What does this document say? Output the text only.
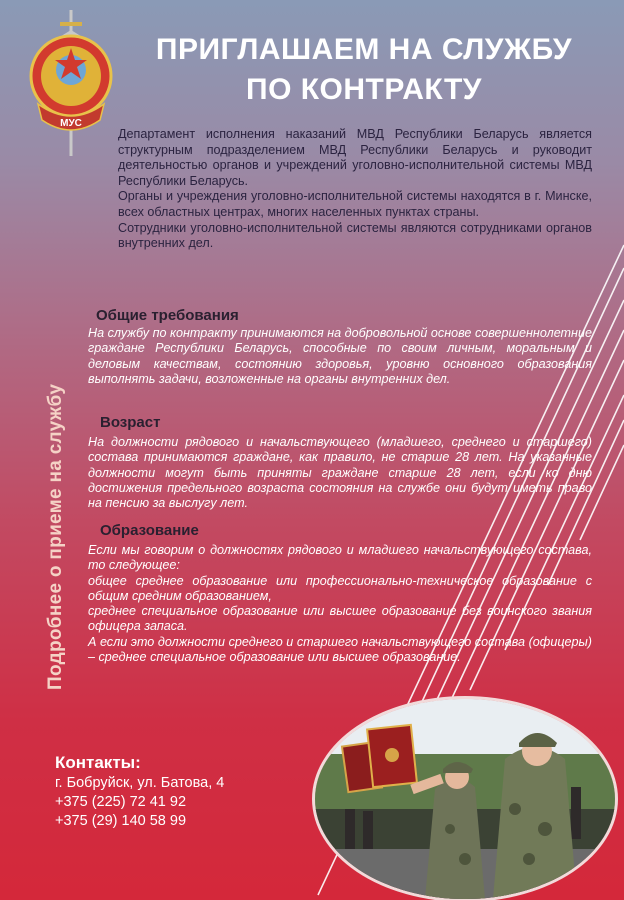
МУС
ПРИГЛАШАЕМ НА СЛУЖБУ
ПО КОНТРАКТУ

Департамент исполнения наказаний МВД Республики Беларусь является структурным подразделением МВД Республики Беларусь и руководит деятельностью органов и учреждений уголовно-исполнительной системы МВД Республики Беларусь.

Органы и учреждения уголовно-исполнительной системы находятся в г. Минске, всех областных центрах, многих населенных пунктах страны.

Сотрудники уголовно-исполнительной системы являются сотрудниками органов внутренних дел.

Подробнее о приеме на службу
Общие требования

На службу по контракту принимаются на добровольной основе совершеннолетние граждане Республики Беларусь, способные по своим личным, моральным и деловым качествам, состоянию здоровья, уровню основного образования выполнять задачи, возложенные на органы внутренних дел.

Возраст

На должности рядового и начальствующего (младшего, среднего и старшего) состава принимаются граждане, как правило, не старше 28 лет. На указанные должности могут быть приняты граждане старше 28 лет, если ко дню достижения предельного возраста состояния на службе они будут иметь право на пенсию за выслугу лет.

Образование
Если мы говорим о должностях рядового и младшего начальствующего состава, то следующее:
общее среднее образование или профессионально-техническое образование с общим средним образованием,
среднее специальное образование или высшее образование без воинского звания офицера запаса.
А если это должности среднего и старшего начальствующего состава (офицеры) – среднее специальное образование или высшее образование.
Контакты:
г. Бобруйск, ул. Батова, 4
+375 (225) 72 41 92
+375 (29) 140 58 99
